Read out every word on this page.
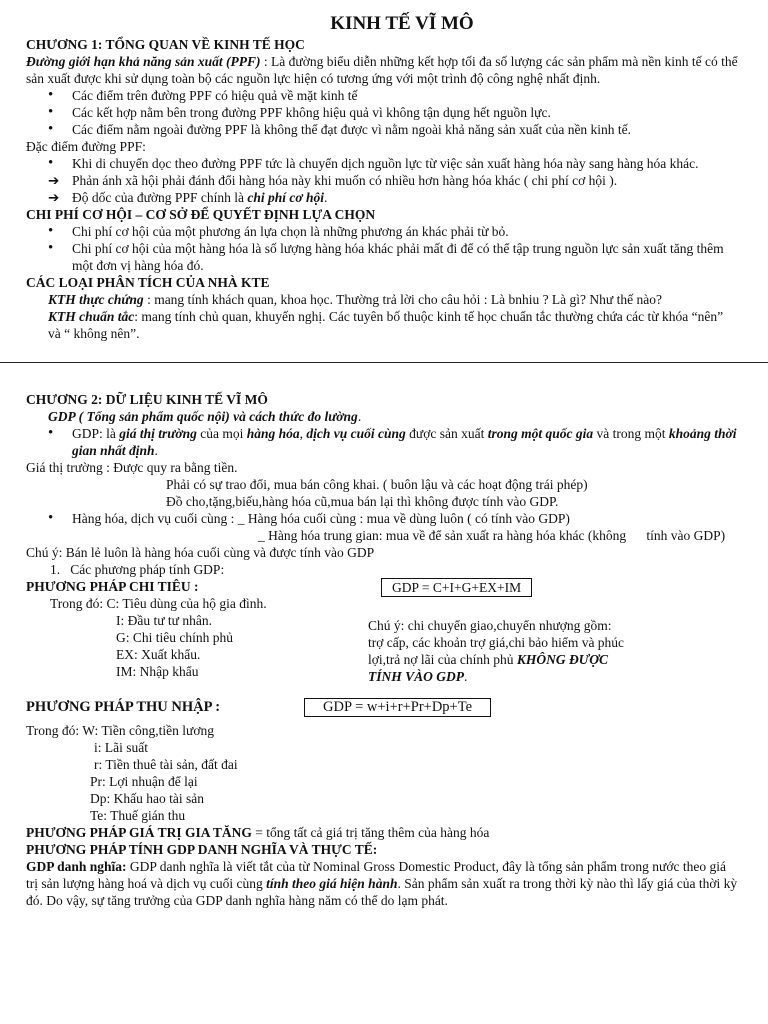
KINH TẾ VĨ MÔ

CHƯƠNG 1: TỔNG QUAN VỀ KINH TẾ HỌC

Đường giới hạn khả năng sản xuất (PPF) : Là đường biểu diễn những kết hợp tối đa số lượng các sản phẩm mà nền kinh tế có thể sản xuất được khi sử dụng toàn bộ các nguồn lực hiện có tương ứng với một trình độ công nghệ nhất định.

• Các điểm trên đường PPF có hiệu quả về mặt kinh tế
• Các kết hợp nằm bên trong đường PPF không hiệu quả vì không tận dụng hết nguồn lực.
• Các điểm nằm ngoài đường PPF là không thể đạt được vì nằm ngoài khả năng sản xuất của nền kinh tế.

Đặc điểm đường PPF:

• Khi di chuyển dọc theo đường PPF tức là chuyển dịch nguồn lực từ việc sản xuất hàng hóa này sang hàng hóa khác.
➔ Phản ánh xã hội phải đánh đổi hàng hóa này khi muốn có nhiều hơn hàng hóa khác ( chi phí cơ hội ).
➔ Độ dốc của đường PPF chính là chi phí cơ hội.

CHI PHÍ CƠ HỘI – CƠ SỞ ĐỂ QUYẾT ĐỊNH LỰA CHỌN

• Chi phí cơ hội của một phương án lựa chọn là những phương án khác phải từ bỏ.
• Chi phí cơ hội của một hàng hóa là số lượng hàng hóa khác phải mất đi để có thể tập trung nguồn lực sản xuất tăng thêm một đơn vị hàng hóa đó.

CÁC LOẠI PHÂN TÍCH CỦA NHÀ KTE

KTH thực chứng : mang tính khách quan, khoa học. Thường trả lời cho câu hỏi : Là bnhiu ? Là gì? Như thế nào?

KTH chuẩn tắc: mang tính chủ quan, khuyến nghị. Các tuyên bố thuộc kinh tế học chuẩn tắc thường chứa các từ khóa “nên” và “ không nên”.

CHƯƠNG 2: DỮ LIỆU KINH TẾ VĨ MÔ

GDP ( Tổng sản phẩm quốc nội) và cách thức đo lường.

• GDP: là giá thị trường của mọi hàng hóa, dịch vụ cuối cùng được sản xuất trong một quốc gia và trong một khoảng thời gian nhất định.

Giá thị trường : Được quy ra bằng tiền.

Phải có sự trao đổi, mua bán công khai. ( buôn lậu và các hoạt động trái phép)

Đồ cho,tặng,biếu,hàng hóa cũ,mua bán lại thì không được tính vào GDP.

• Hàng hóa, dịch vụ cuối cùng : _ Hàng hóa cuối cùng : mua về dùng luôn ( có tính vào GDP)

_ Hàng hóa trung gian: mua về để sản xuất ra hàng hóa khác (không      tính vào GDP)

Chú ý: Bán lẻ luôn là hàng hóa cuối cùng và được tính vào GDP

1.   Các phương pháp tính GDP:

PHƯƠNG PHÁP CHI TIÊU :	GDP = C+I+G+EX+IM

Trong đó: C: Tiêu dùng của hộ gia đình.

I: Đầu tư tư nhân.

G: Chi tiêu chính phủ

EX: Xuất khẩu.

IM: Nhập khẩu

Chú ý: chi chuyển giao,chuyển nhượng gồm: trợ cấp, các khoản trợ giá,chi bảo hiểm và phúc lợi,trả nợ lãi của chính phủ KHÔNG ĐƯỢC TÍNH VÀO GDP.

PHƯƠNG PHÁP THU NHẬP :	GDP = w+i+r+Pr+Dp+Te

Trong đó: W: Tiền công,tiền lương

i: Lãi suất

r: Tiền thuê tài sản, đất đai

Pr: Lợi nhuận để lại

Dp: Khấu hao tài sản

Te: Thuế gián thu

PHƯƠNG PHÁP GIÁ TRỊ GIA TĂNG = tổng tất cả giá trị tăng thêm của hàng hóa

PHƯƠNG PHÁP TÍNH GDP DANH NGHĨA VÀ THỰC TẾ:

GDP danh nghĩa: GDP danh nghĩa là viết tắt của từ Nominal Gross Domestic Product, đây là tổng sản phẩm trong nước theo giá trị sản lượng hàng hoá và dịch vụ cuối cùng tính theo giá hiện hành. Sản phẩm sản xuất ra trong thời kỳ nào thì lấy giá của thời kỳ đó. Do vậy, sự tăng trưởng của GDP danh nghĩa hàng năm có thể do lạm phát.
